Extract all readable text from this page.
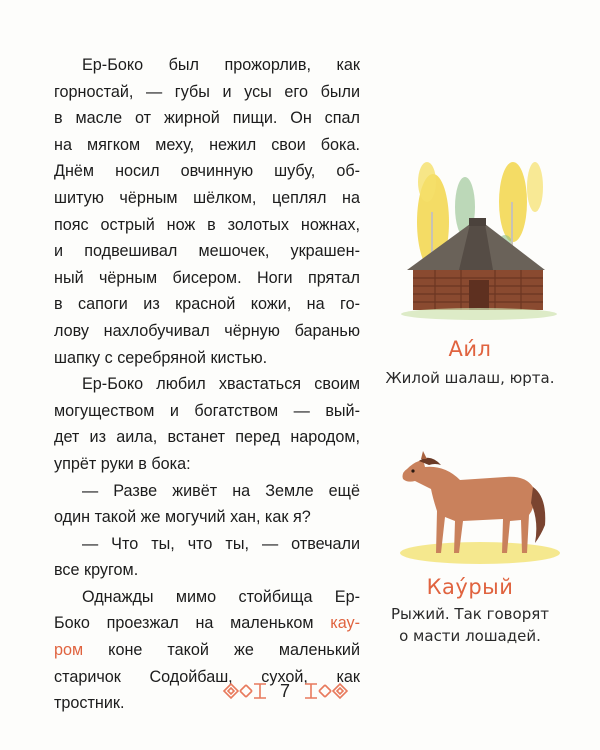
Ер-Боко был прожорлив, как
горностай, — губы и усы его были
в масле от жирной пищи. Он спал
на мягком меху, нежил свои бока.
Днём носил овчинную шубу, об-
шитую чёрным шёлком, цеплял на
пояс острый нож в золотых ножнах,
и подвешивал мешочек, украшен-
ный чёрным бисером. Ноги прятал
в сапоги из красной кожи, на го-
лову нахлобучивал чёрную баранью
шапку с серебряной кистью.

Ер-Боко любил хвастаться своим
могуществом и богатством — вый-
дет из аила, встанет перед народом,
упрёт руки в бока:

— Разве живёт на Земле ещё
один такой же могучий хан, как я?

— Что ты, что ты, — отвечали
все кругом.

Однажды мимо стойбища Ер-
Боко проезжал на маленьком кау-
ром коне такой же маленький
старичок Содойбаш, сухой, как
тростник.

Аи́л
Жилой шалаш, юрта.
Кау́рый
Рыжий. Так говорят
о масти лошадей.
7
